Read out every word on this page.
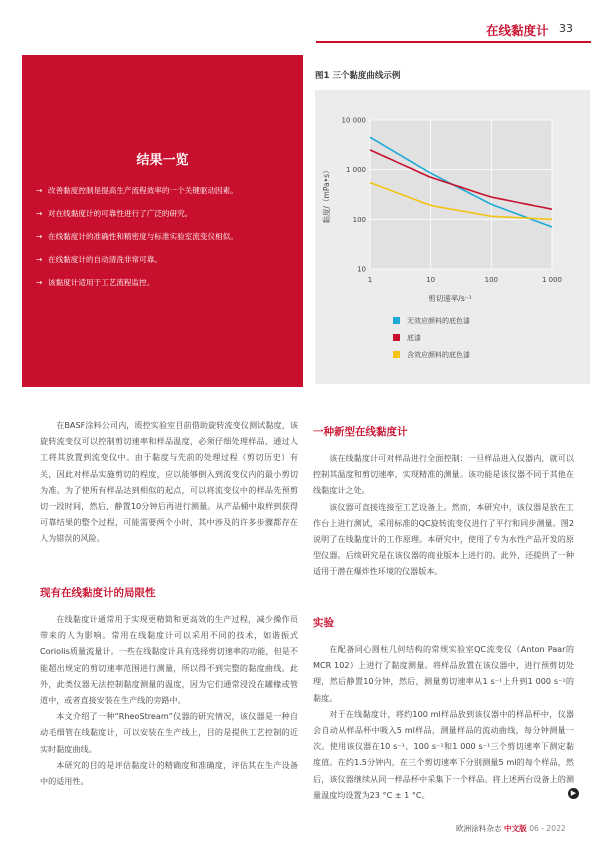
在线黏度计 33
结果一览
→ 改善黏度控制是提高生产流程效率的一个关键驱动因素。
→ 对在线黏度计的可靠性进行了广泛的研究。
→ 在线黏度计的准确性和精密度与标准实验室流变仪相似。
→ 在线黏度计的自动清洗非常可靠。
→ 该黏度计适用于工艺流程监控。
图1 三个黏度曲线示例
10
100
1 000
10 000
1	10	100	1 000
黏度/（mPa•s）
剪切速率/s⁻¹
无效应颜料的底色漆
底漆
含效应颜料的底色漆

在BASF涂料公司内，质控实验室目前借助旋转流变仪测试黏度，该旋转流变仪可以控制剪切速率和样品温度，必须仔细处理样品，通过人工将其放置到流变仪中。由于黏度与先前的处理过程（剪切历史）有关，因此对样品实施剪切的程度，应以能够倒入到流变仪内的最小剪切为准。为了使所有样品达到相似的起点，可以将流变仪中的样品先预剪切一段时间，然后，静置10分钟后再进行测量。从产品桶中取样到获得可靠结果的整个过程，可能需要两个小时，其中涉及的许多步骤都存在人为错误的风险。

现有在线黏度计的局限性

在线黏度计通常用于实现更精简和更高效的生产过程，减少操作员带来的人为影响。常用在线黏度计可以采用不同的技术，如谐振式Coriolis质量流量计。一些在线黏度计具有选择剪切速率的功能，但是不能超出规定的剪切速率范围进行测量，所以得不到完整的黏度曲线。此外，此类仪器无法控制黏度测量的温度，因为它们通常浸没在罐椽或管道中，或者直接安装在生产线的旁路中。

本文介绍了一种“RheoStream”仪器的研究情况，该仪器是一种自动毛细管在线黏度计，可以安装在生产线上，目的是提供工艺控制的近实时黏度曲线。

本研究的目的是评估黏度计的精确度和准确度，评估其在生产设备中的适用性。

一种新型在线黏度计

该在线黏度计可对样品进行全面控制：一旦样品进入仪器内，就可以控制其温度和剪切速率，实现精准的测量。该功能是该仪器不同于其他在线黏度计之处。

该仪器可直接连接至工艺设备上。然而，本研究中，该仪器是放在工作台上进行测试，采用标准的QC旋转流变仪进行了平行和同步测量。图2说明了在线黏度计的工作原理。本研究中，使用了专为水性产品开发的原型仪器。后续研究是在该仪器的商业版本上进行的。此外，还提供了一种适用于潜在爆炸性环境的仪器版本。

实验

在配备同心圆柱几何结构的常规实验室QC流变仪（Anton Paar的MCR 102）上进行了黏度测量。将样品放置在该仪器中，进行预剪切处理，然后静置10分钟，然后，测量剪切速率从1 s⁻¹上升到1 000 s⁻¹的黏度。

对于在线黏度计，将约100 ml样品放到该仪器中的样品杯中，仪器会自动从样品杯中吸入5 ml样品，测量样品的流动曲线，每分钟测量一次。使用该仪器在10 s⁻¹、100 s⁻¹和1 000 s⁻¹三个剪切速率下测定黏度值。在约1.5分钟内，在三个剪切速率下分别测量5 ml的每个样品，然后，该仪器继续从同一样品杯中采集下一个样品。将上述两台设备上的测量温度均设置为23 °C ± 1 °C。	▶
欧洲涂料杂志 中文版 06 - 2022
